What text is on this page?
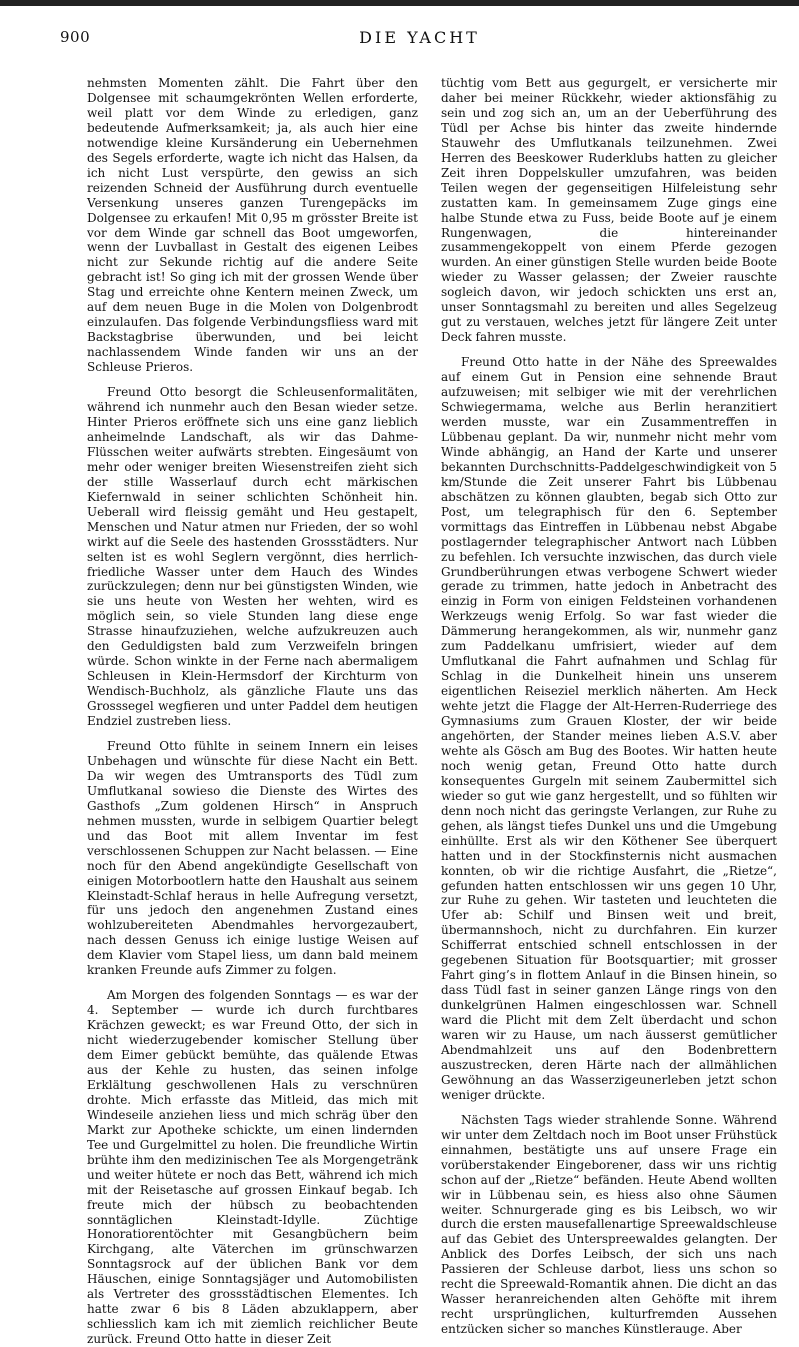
900	DIE YACHT

nehmsten Momenten zählt. Die Fahrt über den Dolgensee mit schaumgekrönten Wellen erforderte, weil platt vor dem Winde zu erledigen, ganz bedeutende Aufmerksamkeit; ja, als auch hier eine notwendige kleine Kursänderung ein Uebernehmen des Segels erforderte, wagte ich nicht das Halsen, da ich nicht Lust verspürte, den gewiss an sich reizenden Schneid der Ausführung durch eventuelle Versenkung unseres ganzen Turengepäcks im Dolgensee zu erkaufen! Mit 0,95 m grösster Breite ist vor dem Winde gar schnell das Boot umgeworfen, wenn der Luvballast in Gestalt des eigenen Leibes nicht zur Sekunde richtig auf die andere Seite gebracht ist! So ging ich mit der grossen Wende über Stag und erreichte ohne Kentern meinen Zweck, um auf dem neuen Buge in die Molen von Dolgenbrodt einzulaufen. Das folgende Verbindungsfliess ward mit Backstagbrise überwunden, und bei leicht nachlassendem Winde fanden wir uns an der Schleuse Prieros.

Freund Otto besorgt die Schleusenformalitäten, während ich nunmehr auch den Besan wieder setze. Hinter Prieros eröffnete sich uns eine ganz lieblich anheimelnde Landschaft, als wir das Dahme-Flüsschen weiter aufwärts strebten. Eingesäumt von mehr oder weniger breiten Wiesenstreifen zieht sich der stille Wasserlauf durch echt märkischen Kiefernwald in seiner schlichten Schönheit hin. Ueberall wird fleissig gemäht und Heu gestapelt, Menschen und Natur atmen nur Frieden, der so wohl wirkt auf die Seele des hastenden Grossstädters. Nur selten ist es wohl Seglern vergönnt, dies herrlich-friedliche Wasser unter dem Hauch des Windes zurückzulegen; denn nur bei günstigsten Winden, wie sie uns heute von Westen her wehten, wird es möglich sein, so viele Stunden lang diese enge Strasse hinaufzuziehen, welche aufzukreuzen auch den Geduldigsten bald zum Verzweifeln bringen würde. Schon winkte in der Ferne nach abermaligem Schleusen in Klein-Hermsdorf der Kirchturm von Wendisch-Buchholz, als gänzliche Flaute uns das Grosssegel wegfieren und unter Paddel dem heutigen Endziel zustreben liess.

Freund Otto fühlte in seinem Innern ein leises Unbehagen und wünschte für diese Nacht ein Bett. Da wir wegen des Umtransports des Tüdl zum Umflutkanal sowieso die Dienste des Wirtes des Gasthofs „Zum goldenen Hirsch“ in Anspruch nehmen mussten, wurde in selbigem Quartier belegt und das Boot mit allem Inventar im fest verschlossenen Schuppen zur Nacht belassen. — Eine noch für den Abend angekündigte Gesellschaft von einigen Motorbootlern hatte den Haushalt aus seinem Kleinstadt-Schlaf heraus in helle Aufregung versetzt, für uns jedoch den angenehmen Zustand eines wohlzubereiteten Abendmahles hervorgezaubert, nach dessen Genuss ich einige lustige Weisen auf dem Klavier vom Stapel liess, um dann bald meinem kranken Freunde aufs Zimmer zu folgen.

Am Morgen des folgenden Sonntags — es war der 4. September — wurde ich durch furchtbares Krächzen geweckt; es war Freund Otto, der sich in nicht wiederzugebender komischer Stellung über dem Eimer gebückt bemühte, das quälende Etwas aus der Kehle zu husten, das seinen infolge Erklältung geschwollenen Hals zu verschnüren drohte. Mich erfasste das Mitleid, das mich mit Windeseile anziehen liess und mich schräg über den Markt zur Apotheke schickte, um einen lindernden Tee und Gurgelmittel zu holen. Die freundliche Wirtin brühte ihm den medizinischen Tee als Morgengetränk und weiter hütete er noch das Bett, während ich mich mit der Reisetasche auf grossen Einkauf begab. Ich freute mich der hübsch zu beobachtenden sonntäglichen Kleinstadt-Idylle. Züchtige Honoratiorentöchter mit Gesangbüchern beim Kirchgang, alte Väterchen im grünschwarzen Sonntagsrock auf der üblichen Bank vor dem Häuschen, einige Sonntagsjäger und Automobilisten als Vertreter des grossstädtischen Elementes. Ich hatte zwar 6 bis 8 Läden abzuklappern, aber schliesslich kam ich mit ziemlich reichlicher Beute zurück. Freund Otto hatte in dieser Zeit

tüchtig vom Bett aus gegurgelt, er versicherte mir daher bei meiner Rückkehr, wieder aktionsfähig zu sein und zog sich an, um an der Ueberführung des Tüdl per Achse bis hinter das zweite hindernde Stauwehr des Umflutkanals teilzunehmen. Zwei Herren des Beeskower Ruderklubs hatten zu gleicher Zeit ihren Doppelskuller umzufahren, was beiden Teilen wegen der gegenseitigen Hilfeleistung sehr zustatten kam. In gemeinsamem Zuge gings eine halbe Stunde etwa zu Fuss, beide Boote auf je einem Rungenwagen, die hintereinander zusammengekoppelt von einem Pferde gezogen wurden. An einer günstigen Stelle wurden beide Boote wieder zu Wasser gelassen; der Zweier rauschte sogleich davon, wir jedoch schickten uns erst an, unser Sonntagsmahl zu bereiten und alles Segelzeug gut zu verstauen, welches jetzt für längere Zeit unter Deck fahren musste.

Freund Otto hatte in der Nähe des Spreewaldes auf einem Gut in Pension eine sehnende Braut aufzuweisen; mit selbiger wie mit der verehrlichen Schwiegermama, welche aus Berlin heranzitiert werden musste, war ein Zusammentreffen in Lübbenau geplant. Da wir, nunmehr nicht mehr vom Winde abhängig, an Hand der Karte und unserer bekannten Durchschnitts-Paddelgeschwindigkeit von 5 km/Stunde die Zeit unserer Fahrt bis Lübbenau abschätzen zu können glaubten, begab sich Otto zur Post, um telegraphisch für den 6. September vormittags das Eintreffen in Lübbenau nebst Abgabe postlagernder telegraphischer Antwort nach Lübben zu befehlen. Ich versuchte inzwischen, das durch viele Grundberührungen etwas verbogene Schwert wieder gerade zu trimmen, hatte jedoch in Anbetracht des einzig in Form von einigen Feldsteinen vorhandenen Werkzeugs wenig Erfolg. So war fast wieder die Dämmerung herangekommen, als wir, nunmehr ganz zum Paddelkanu umfrisiert, wieder auf dem Umflutkanal die Fahrt aufnahmen und Schlag für Schlag in die Dunkelheit hinein uns unserem eigentlichen Reiseziel merklich näherten. Am Heck wehte jetzt die Flagge der Alt-Herren-Ruderriege des Gymnasiums zum Grauen Kloster, der wir beide angehörten, der Stander meines lieben A.S.V. aber wehte als Gösch am Bug des Bootes. Wir hatten heute noch wenig getan, Freund Otto hatte durch konsequentes Gurgeln mit seinem Zaubermittel sich wieder so gut wie ganz hergestellt, und so fühlten wir denn noch nicht das geringste Verlangen, zur Ruhe zu gehen, als längst tiefes Dunkel uns und die Umgebung einhüllte. Erst als wir den Köthener See überquert hatten und in der Stockfinsternis nicht ausmachen konnten, ob wir die richtige Ausfahrt, die „Rietze“, gefunden hatten entschlossen wir uns gegen 10 Uhr, zur Ruhe zu gehen. Wir tasteten und leuchteten die Ufer ab: Schilf und Binsen weit und breit, übermannshoch, nicht zu durchfahren. Ein kurzer Schifferrat entschied schnell entschlossen in der gegebenen Situation für Bootsquartier; mit grosser Fahrt ging’s in flottem Anlauf in die Binsen hinein, so dass Tüdl fast in seiner ganzen Länge rings von den dunkelgrünen Halmen eingeschlossen war. Schnell ward die Plicht mit dem Zelt überdacht und schon waren wir zu Hause, um nach äusserst gemütlicher Abendmahlzeit uns auf den Bodenbrettern auszustrecken, deren Härte nach der allmählichen Gewöhnung an das Wasserzigeunerleben jetzt schon weniger drückte.

Nächsten Tags wieder strahlende Sonne. Während wir unter dem Zeltdach noch im Boot unser Frühstück einnahmen, bestätigte uns auf unsere Frage ein vorüberstakender Eingeborener, dass wir uns richtig schon auf der „Rietze“ befänden. Heute Abend wollten wir in Lübbenau sein, es hiess also ohne Säumen weiter. Schnurgerade ging es bis Leibsch, wo wir durch die ersten mausefallenartige Spreewaldschleuse auf das Gebiet des Unterspreewaldes gelangten. Der Anblick des Dorfes Leibsch, der sich uns nach Passieren der Schleuse darbot, liess uns schon so recht die Spreewald-Romantik ahnen. Die dicht an das Wasser heranreichenden alten Gehöfte mit ihrem recht ursprünglichen, kulturfremden Aussehen entzücken sicher so manches Künstlerauge. Aber
